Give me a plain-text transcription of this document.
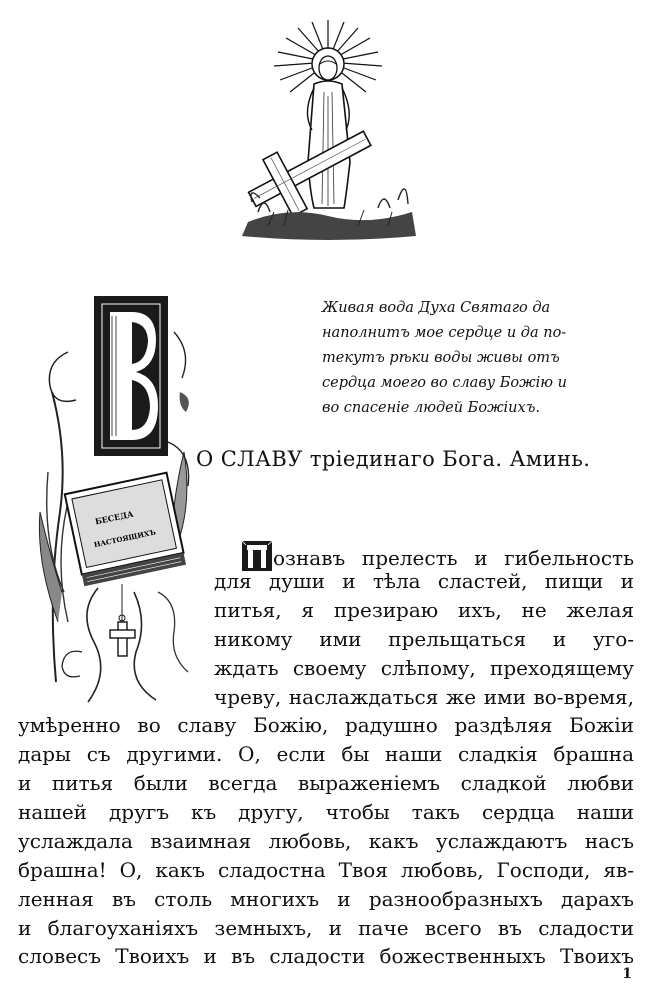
БЕСЕДА
НАСТОЯЩИХЪ
Живая вода Духа Святаго да
наполнитъ мое сердце и да по-
текутъ рѣки воды живы отъ
сердца моего во славу Божію и
во спасеніе людей Божіихъ.
О СЛАВУ тріединаго Бога. Аминь.
ознавъ прелесть и гибельность
для души и тѣла сластей, пищи и
питья, я презираю ихъ, не желая
никому ими прельщаться и уго-
ждать своему слѣпому, преходящему
чреву, наслаждаться же ими во-время,
умѣренно во славу Божію, радушно раздѣляя Божіи
дары съ другими. О, если бы наши сладкія брашна
и питья были всегда выраженіемъ сладкой любви
нашей другъ къ другу, чтобы такъ сердца наши
услаждала взаимная любовь, какъ услаждаютъ насъ
брашна! О, какъ сладостна Твоя любовь, Господи, яв-
ленная въ столь многихъ и разнообразныхъ дарахъ
и благоуханіяхъ земныхъ, и паче всего въ сладости
словесъ Твоихъ и въ сладости божественныхъ Твоихъ
1
